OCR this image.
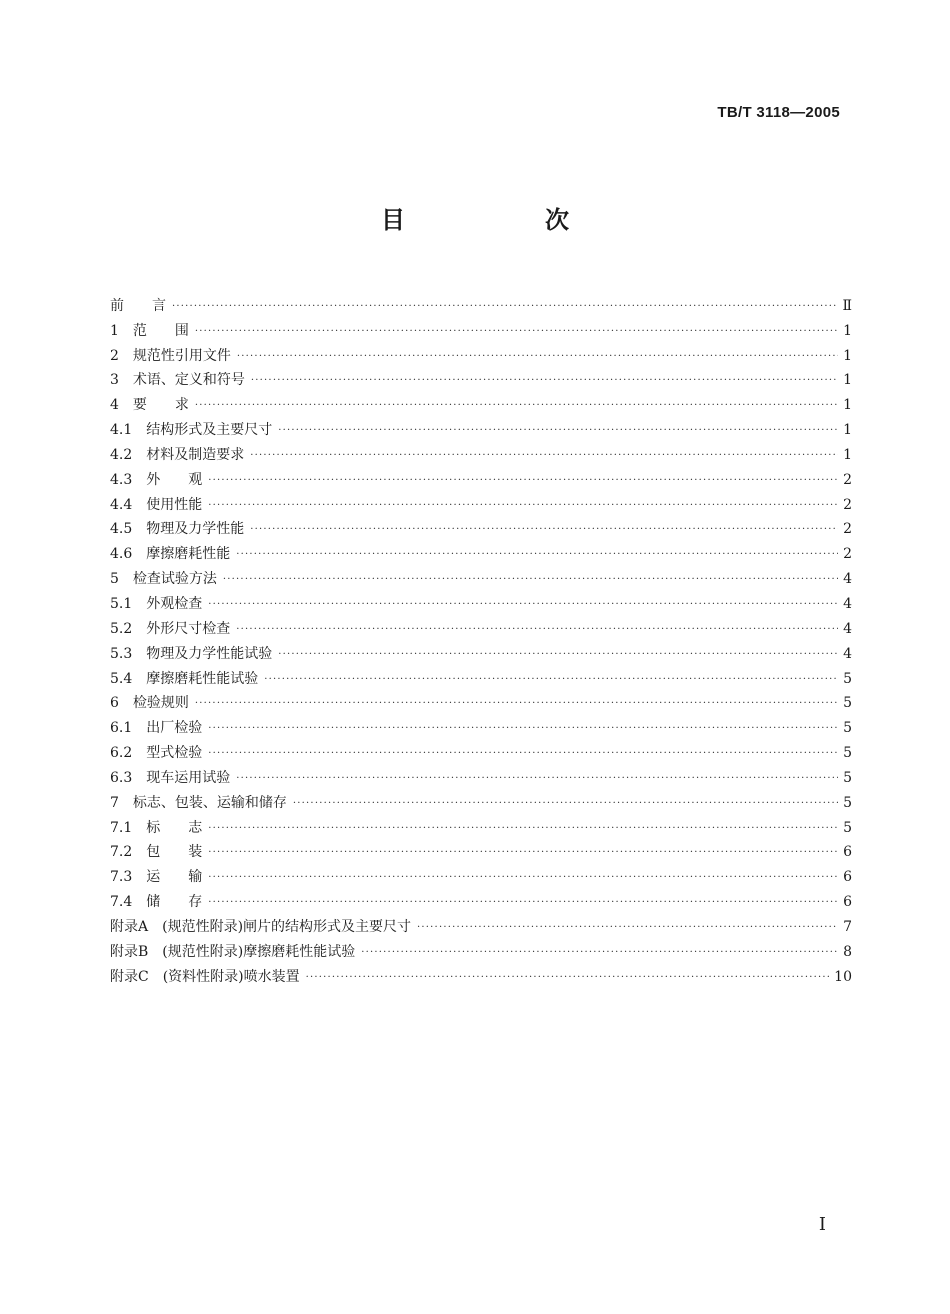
TB/T 3118—2005
目　次
前　　言 ·····	Ⅱ
1　范　　围 ·····	1
2　规范性引用文件 ·····	1
3　术语、定义和符号 ·····	1
4　要　　求 ·····	1
4.1　结构形式及主要尺寸 ·····	1
4.2　材料及制造要求 ·····	1
4.3　外　　观 ·····	2
4.4　使用性能 ·····	2
4.5　物理及力学性能 ·····	2
4.6　摩擦磨耗性能 ·····	2
5　检查试验方法 ·····	4
5.1　外观检查 ·····	4
5.2　外形尺寸检查 ·····	4
5.3　物理及力学性能试验 ·····	4
5.4　摩擦磨耗性能试验 ·····	5
6　检验规则 ·····	5
6.1　出厂检验 ·····	5
6.2　型式检验 ·····	5
6.3　现车运用试验 ·····	5
7　标志、包装、运输和储存 ·····	5
7.1　标　　志 ·····	5
7.2　包　　装 ·····	6
7.3　运　　输 ·····	6
7.4　储　　存 ·····	6
附录A　(规范性附录)闸片的结构形式及主要尺寸 ·····	7
附录B　(规范性附录)摩擦磨耗性能试验 ·····	8
附录C　(资料性附录)喷水装置 ·····	10
I
